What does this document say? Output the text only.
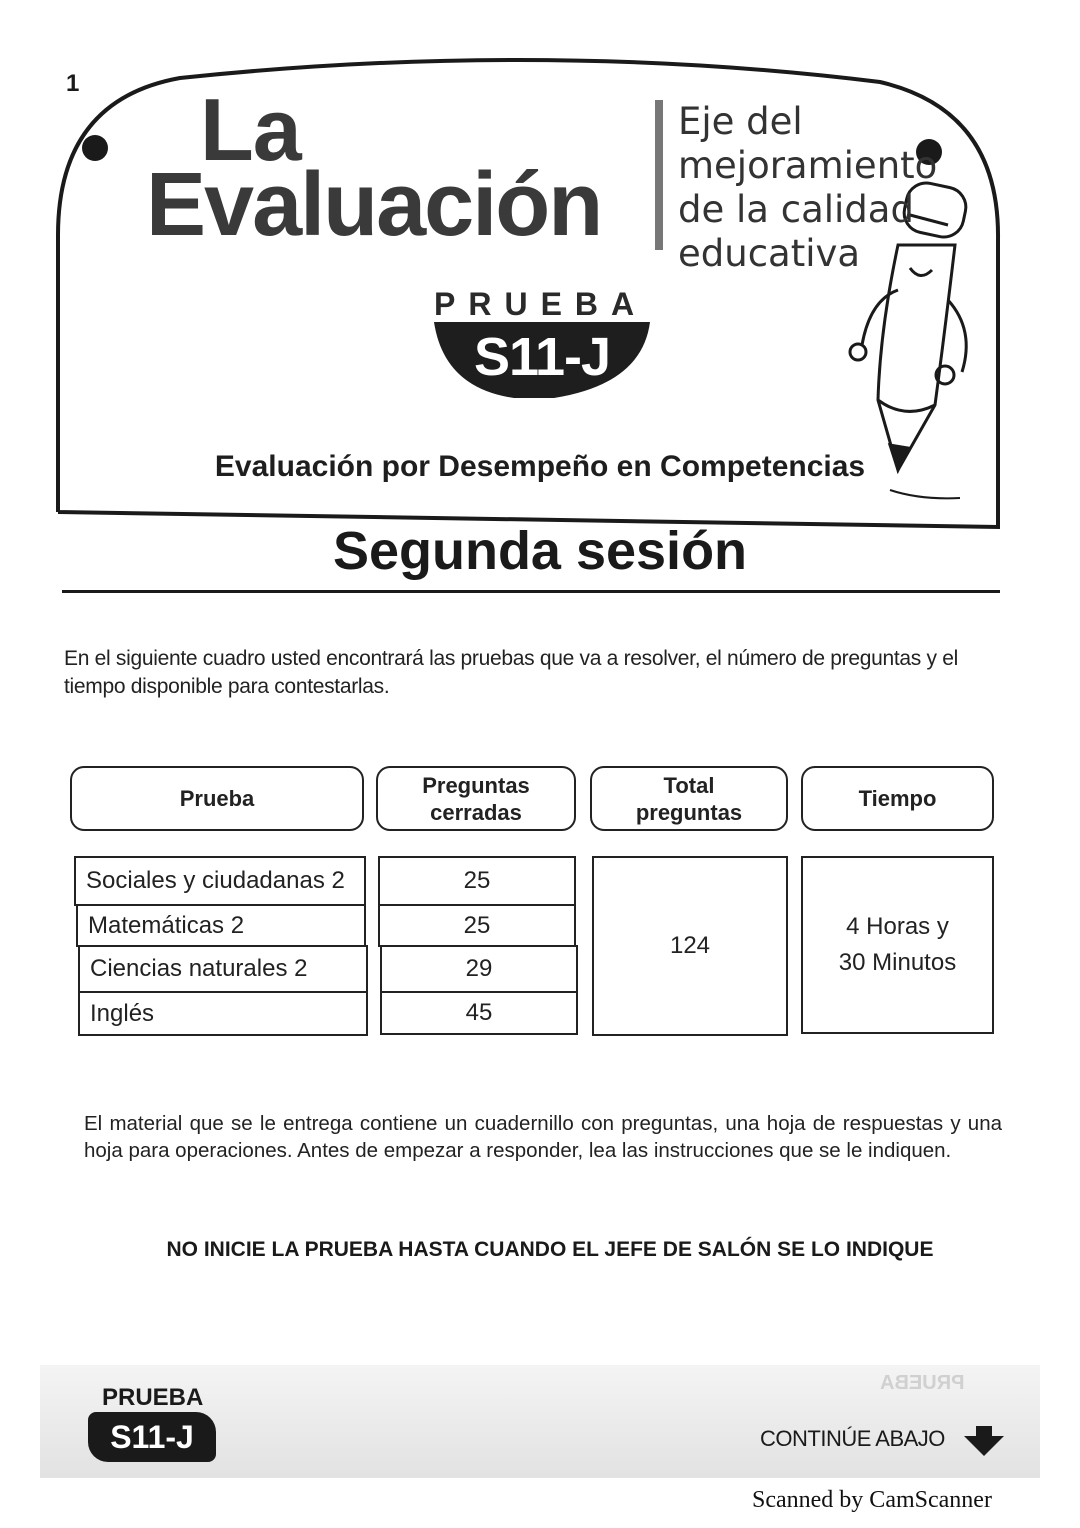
1 La
Evaluación
Eje del
mejoramiento
de la calidad
educativa
PRUEBA
S11-J
Evaluación por Desempeño en Competencias
Segunda sesión
En el siguiente cuadro usted encontrará las pruebas que va a resolver, el número de preguntas y el tiempo disponible para contestarlas.
Prueba
Preguntas
cerradas
Total
preguntas
Tiempo
Sociales y ciudadanas 2
Matemáticas 2
Ciencias naturales 2
Inglés
25
25
29
45
124
4 Horas y
30 Minutos
El material que se le entrega contiene un cuadernillo con preguntas, una hoja de respuestas y una hoja para operaciones. Antes de empezar a responder, lea las instrucciones que se le indiquen.
NO INICIE LA PRUEBA HASTA CUANDO EL JEFE DE SALÓN SE LO INDIQUE
PRUEBA
PRUEBA
S11-J	CONTINÚE ABAJO
Scanned by CamScanner
